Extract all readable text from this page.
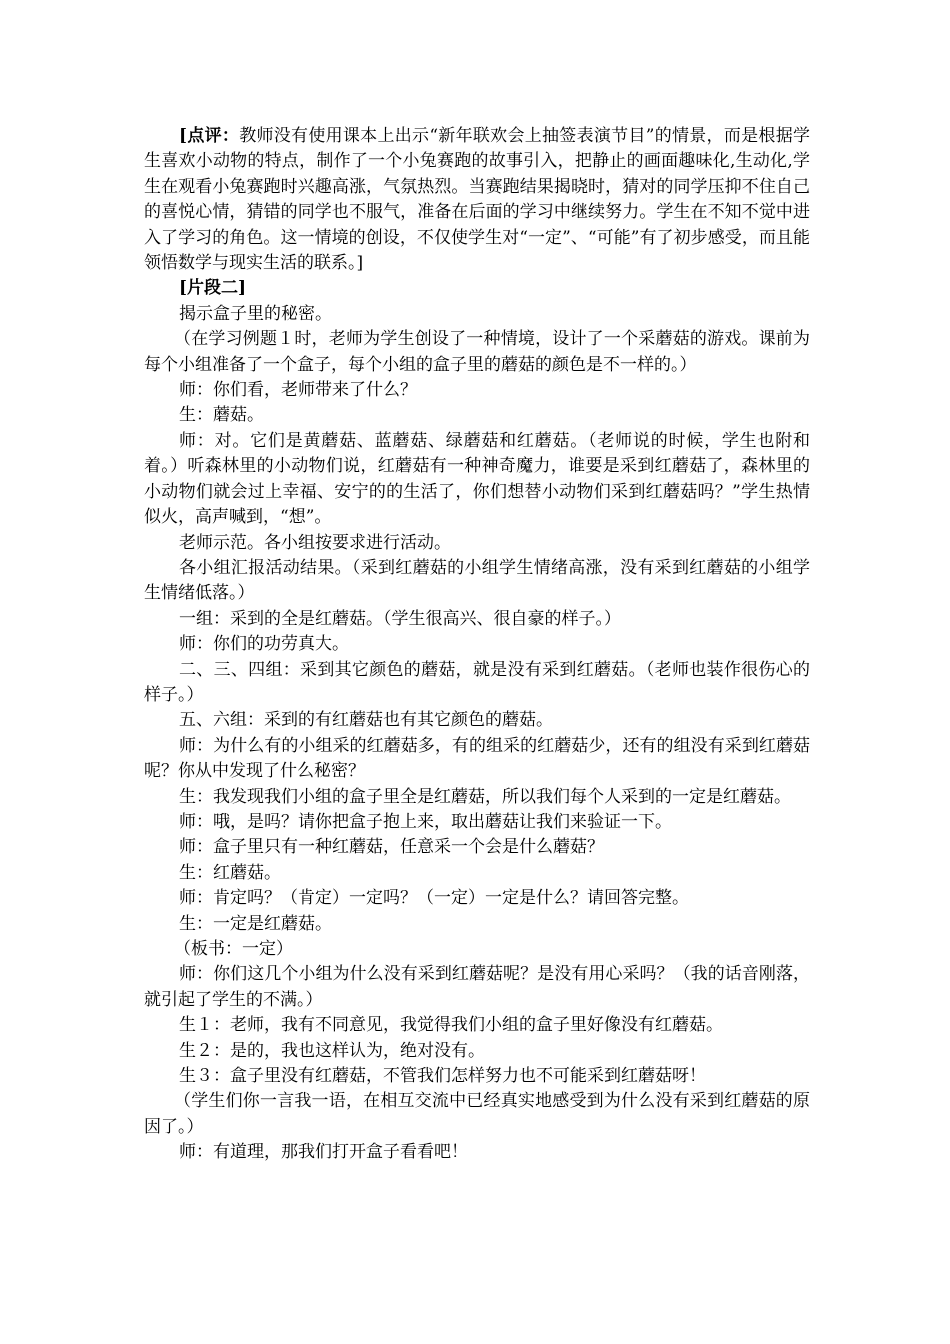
[点评：教师没有使用课本上出示“新年联欢会上抽签表演节目”的情景，而是根据学生喜欢小动物的特点，制作了一个小兔赛跑的故事引入，把静止的画面趣味化,生动化,学生在观看小兔赛跑时兴趣高涨，气氛热烈。当赛跑结果揭晓时，猜对的同学压抑不住自己的喜悦心情，猜错的同学也不服气，准备在后面的学习中继续努力。学生在不知不觉中进入了学习的角色。这一情境的创设，不仅使学生对“一定”、“可能”有了初步感受，而且能领悟数学与现实生活的联系。]

[片段二]

揭示盒子里的秘密。

（在学习例题１时，老师为学生创设了一种情境，设计了一个采蘑菇的游戏。课前为每个小组准备了一个盒子，每个小组的盒子里的蘑菇的颜色是不一样的。）

师：你们看，老师带来了什么？

生：蘑菇。

师：对。它们是黄蘑菇、蓝蘑菇、绿蘑菇和红蘑菇。（老师说的时候，学生也附和着。）听森林里的小动物们说，红蘑菇有一种神奇魔力，谁要是采到红蘑菇了，森林里的小动物们就会过上幸福、安宁的的生活了，你们想替小动物们采到红蘑菇吗？”学生热情似火，高声喊到，“想”。

老师示范。各小组按要求进行活动。

各小组汇报活动结果。（采到红蘑菇的小组学生情绪高涨，没有采到红蘑菇的小组学生情绪低落。）

一组：采到的全是红蘑菇。（学生很高兴、很自豪的样子。）

师：你们的功劳真大。

二、三、四组：采到其它颜色的蘑菇，就是没有采到红蘑菇。（老师也装作很伤心的样子。）

五、六组：采到的有红蘑菇也有其它颜色的蘑菇。

师：为什么有的小组采的红蘑菇多，有的组采的红蘑菇少，还有的组没有采到红蘑菇呢？你从中发现了什么秘密？

生：我发现我们小组的盒子里全是红蘑菇，所以我们每个人采到的一定是红蘑菇。

师：哦，是吗？请你把盒子抱上来，取出蘑菇让我们来验证一下。

师：盒子里只有一种红蘑菇，任意采一个会是什么蘑菇？

生：红蘑菇。

师：肯定吗？（肯定）一定吗？（一定）一定是什么？请回答完整。

生：一定是红蘑菇。

（板书：一定）

师：你们这几个小组为什么没有采到红蘑菇呢？是没有用心采吗？（我的话音刚落，就引起了学生的不满。）

生１：老师，我有不同意见，我觉得我们小组的盒子里好像没有红蘑菇。

生２：是的，我也这样认为，绝对没有。

生３：盒子里没有红蘑菇，不管我们怎样努力也不可能采到红蘑菇呀！

（学生们你一言我一语，在相互交流中已经真实地感受到为什么没有采到红蘑菇的原因了。）

师：有道理，那我们打开盒子看看吧！
